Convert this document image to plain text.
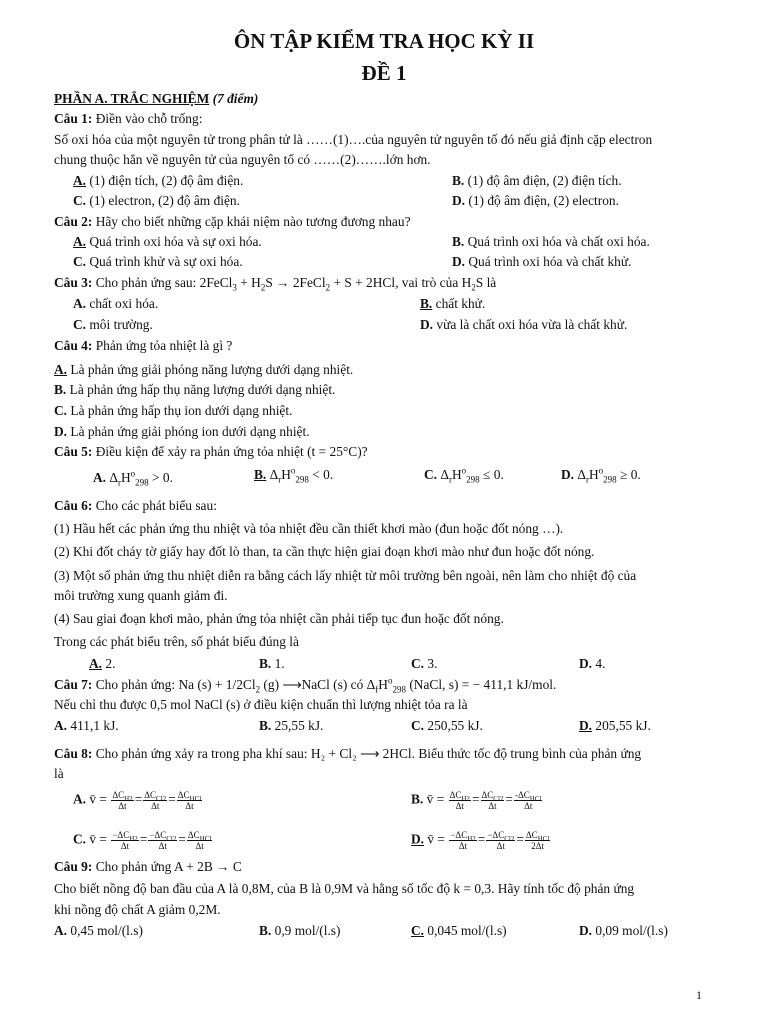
ÔN TẬP KIỂM TRA HỌC KỲ II
ĐỀ 1
PHẦN A. TRẮC NGHIỆM (7 điểm)
Câu 1: Điền vào chỗ trống:
Số oxi hóa của một nguyên tử trong phân tử là ……(1)….của nguyên tử nguyên tố đó nếu giả định cặp electron
chung thuộc hẳn về nguyên tử của nguyên tố có ……(2)…….lớn hơn.
A. (1) điện tích, (2) độ âm điện.	B. (1) độ âm điện, (2) điện tích.
C. (1) electron, (2) độ âm điện.	D. (1) độ âm điện, (2) electron.
Câu 2: Hãy cho biết những cặp khái niệm nào tương đương nhau?
A. Quá trình oxi hóa và sự oxi hóa.	B. Quá trình oxi hóa và chất oxi hóa.
C. Quá trình khử và sự oxi hóa.	D. Quá trình oxi hóa và chất khử.
Câu 3: Cho phản ứng sau: 2FeCl$_3$ + $H_2S$ → 2FeCl$_2$ + S + 2HCl, vai trò của $H_2S$ là
A. chất oxi hóa.	B. chất khử.
C. môi trường.	D. vừa là chất oxi hóa vừa là chất khử.
Câu 4: Phản ứng tỏa nhiệt là gì ?
A. Là phản ứng giải phóng năng lượng dưới dạng nhiệt.
B. Là phản ứng hấp thụ năng lượng dưới dạng nhiệt.
C. Là phản ứng hấp thụ ion dưới dạng nhiệt.
D. Là phản ứng giải phóng ion dưới dạng nhiệt.
Câu 5: Điều kiện để xảy ra phản ứng tỏa nhiệt (t = 25°C)?
A. $\Delta_rH^o_{298} > 0$.	B. $\Delta_rH^o_{298} < 0$.	C. $\Delta_rH^o_{298} \le 0$.	D. $\Delta_rH^o_{298} \ge 0$.
Câu 6: Cho các phát biểu sau:
(1) Hầu hết các phản ứng thu nhiệt và tỏa nhiệt đều cần thiết khơi mào (đun hoặc đốt nóng …).
(2) Khi đốt cháy tờ giấy hay đốt lò than, ta cần thực hiện giai đoạn khơi mào như đun hoặc đốt nóng.
(3) Một số phản ứng thu nhiệt diễn ra bằng cách lấy nhiệt từ môi trường bên ngoài, nên làm cho nhiệt độ của
môi trường xung quanh giảm đi.
(4) Sau giai đoạn khơi mào, phản ứng tỏa nhiệt cần phải tiếp tục đun hoặc đốt nóng.
Trong các phát biểu trên, số phát biểu đúng là
A. 2.	B. 1.	C. 3.	D. 4.
Câu 7: Cho phản ứng: Na $(s) + 1/2Cl_2$ (g) ⟶NaCl (s) có $\Delta_fH^o_{298}$ (NaCl, s) = − 411,1 kJ/mol.
Nếu chỉ thu được 0,5 mol NaCl (s) ở điều kiện chuẩn thì lượng nhiệt tỏa ra là
A. 411,1 kJ.	B. 25,55 kJ.	C. 250,55 kJ.	D. 205,55 kJ.
Câu 8: Cho phản ứng xảy ra trong pha khí sau: H₂ + Cl₂ ⟶ 2HCl. Biểu thức tốc độ trung bình của phản ứng
là
A. v̄ = $\frac{\Delta C_{H2}}{\Delta t} = \frac{\Delta C_{Cl2}}{\Delta t} = \frac{\Delta C_{HCl}}{\Delta t}$	B. v̄ = $\frac{\Delta C_{H2}}{\Delta t} = \frac{\Delta C_{Cl2}}{\Delta t} = \frac{-\Delta C_{HCl}}{\Delta t}$
C. v̄ = $\frac{-\Delta C_{H2}}{\Delta t} = \frac{-\Delta C_{Cl2}}{\Delta t} = \frac{\Delta C_{HCl}}{\Delta t}$	D. v̄ = $\frac{-\Delta C_{H2}}{\Delta t} = \frac{-\Delta C_{Cl2}}{\Delta t} = \frac{\Delta C_{HCl}}{2\Delta t}$
Câu 9: Cho phản ứng A + 2B → C
Cho biết nồng độ ban đầu của A là 0,8M, của B là 0,9M và hằng số tốc độ k = 0,3. Hãy tính tốc độ phản ứng
khi nồng độ chất A giảm 0,2M.
A. 0,45 mol/(l.s)	B. 0,9 mol/(l.s)	C. 0,045 mol/(l.s)	D. 0,09 mol/(l.s)
1
